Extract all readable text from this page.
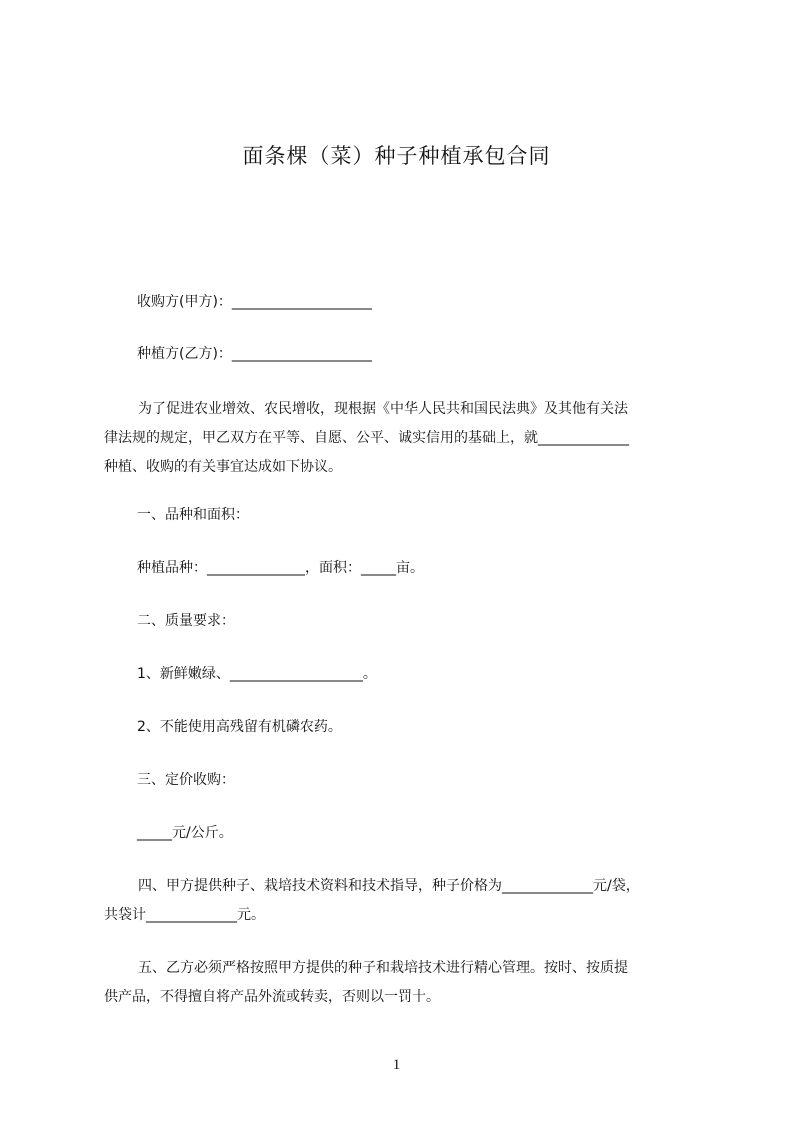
面条棵（菜）种子种植承包合同
收购方(甲方)：____________________
种植方(乙方)：____________________
为了促进农业增效、农民增收，现根据《中华人民共和国民法典》及其他有关法
律法规的规定，甲乙双方在平等、自愿、公平、诚实信用的基础上，就_____________
种植、收购的有关事宜达成如下协议。
一、品种和面积：
种植品种：______________，面积：_____亩。
二、质量要求：
1、新鲜嫩绿、___________________。
2、不能使用高残留有机磷农药。
三、定价收购：
_____元/公斤。
四、甲方提供种子、栽培技术资料和技术指导，种子价格为_____________元/袋，
共袋计_____________元。
五、乙方必须严格按照甲方提供的种子和栽培技术进行精心管理。按时、按质提
供产品，不得擅自将产品外流或转卖，否则以一罚十。
1
